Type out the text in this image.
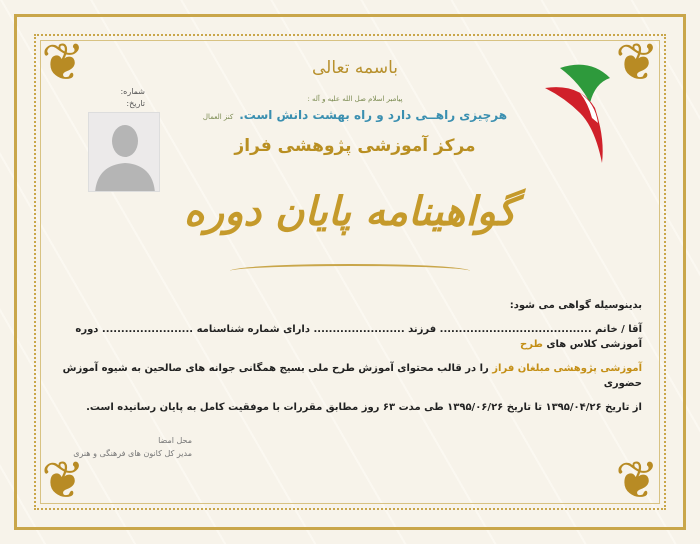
❦	❦
❦	❦
باسمه تعالی
پیامبر اسلام صل الله علیه و آله :
هرچیزی راهــی دارد و راه بهشت دانش است.
کنز العمال
مرکز آموزشی پژوهشی فراز
شماره:
تاریخ:
گواهینامه پایان دوره
بدینوسیله گواهی می شود:
آقا / خانم ........................................ فرزند ........................ دارای شماره شناسنامه ........................ دوره آموزشی کلاس های طرح
آموزشی پژوهشی مبلغان فراز را در قالب محتوای آموزش طرح ملی بسیج همگانی جوانه های صالحین به شیوه آموزش حضوری
از تاریخ ۱۳۹۵/۰۴/۲۶ تا تاریخ ۱۳۹۵/۰۶/۲۶ طی مدت ۶۳ روز مطابق مقررات با موفقیت کامل به پایان رسانیده است.
محل امضا
مدیر کل کانون های فرهنگی و هنری
